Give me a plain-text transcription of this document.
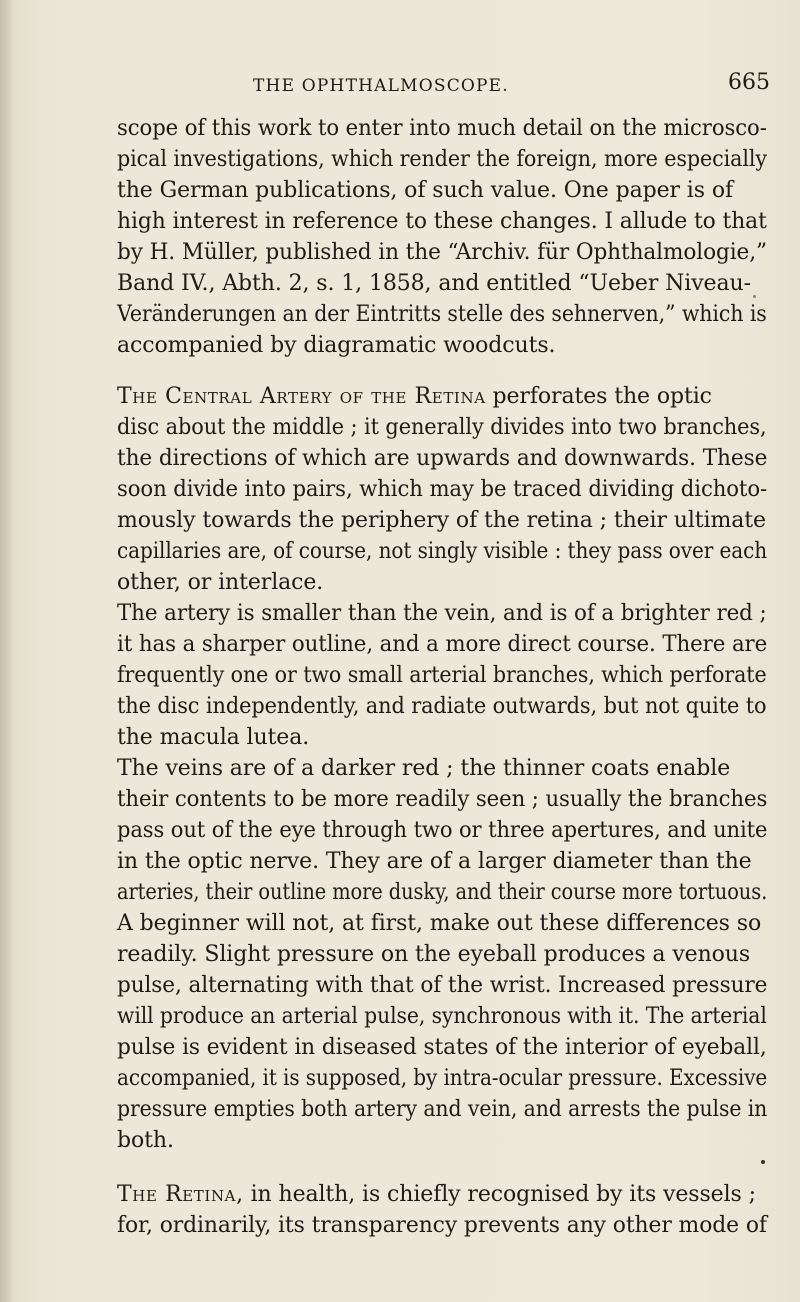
THE OPHTHALMOSCOPE.	665
scope of this work to enter into much detail on the microsco-
pical investigations, which render the foreign, more especially
the German publications, of such value. One paper is of
high interest in reference to these changes. I allude to that
by H. Müller, published in the “Archiv. für Ophthalmologie,”
Band IV., Abth. 2, s. 1, 1858, and entitled “Ueber Niveau-
Veränderungen an der Eintritts stelle des sehnerven,” which is
accompanied by diagramatic woodcuts.
The Central Artery of the Retina perforates the optic
disc about the middle ; it generally divides into two branches,
the directions of which are upwards and downwards. These
soon divide into pairs, which may be traced dividing dichoto-
mously towards the periphery of the retina ; their ultimate
capillaries are, of course, not singly visible : they pass over each
other, or interlace.
The artery is smaller than the vein, and is of a brighter red ;
it has a sharper outline, and a more direct course. There are
frequently one or two small arterial branches, which perforate
the disc independently, and radiate outwards, but not quite to
the macula lutea.
The veins are of a darker red ; the thinner coats enable
their contents to be more readily seen ; usually the branches
pass out of the eye through two or three apertures, and unite
in the optic nerve. They are of a larger diameter than the
arteries, their outline more dusky, and their course more tortuous.
A beginner will not, at first, make out these differences so
readily. Slight pressure on the eyeball produces a venous
pulse, alternating with that of the wrist. Increased pressure
will produce an arterial pulse, synchronous with it. The arterial
pulse is evident in diseased states of the interior of eyeball,
accompanied, it is supposed, by intra-ocular pressure. Excessive
pressure empties both artery and vein, and arrests the pulse in
both.
The Retina, in health, is chiefly recognised by its vessels ;
for, ordinarily, its transparency prevents any other mode of
